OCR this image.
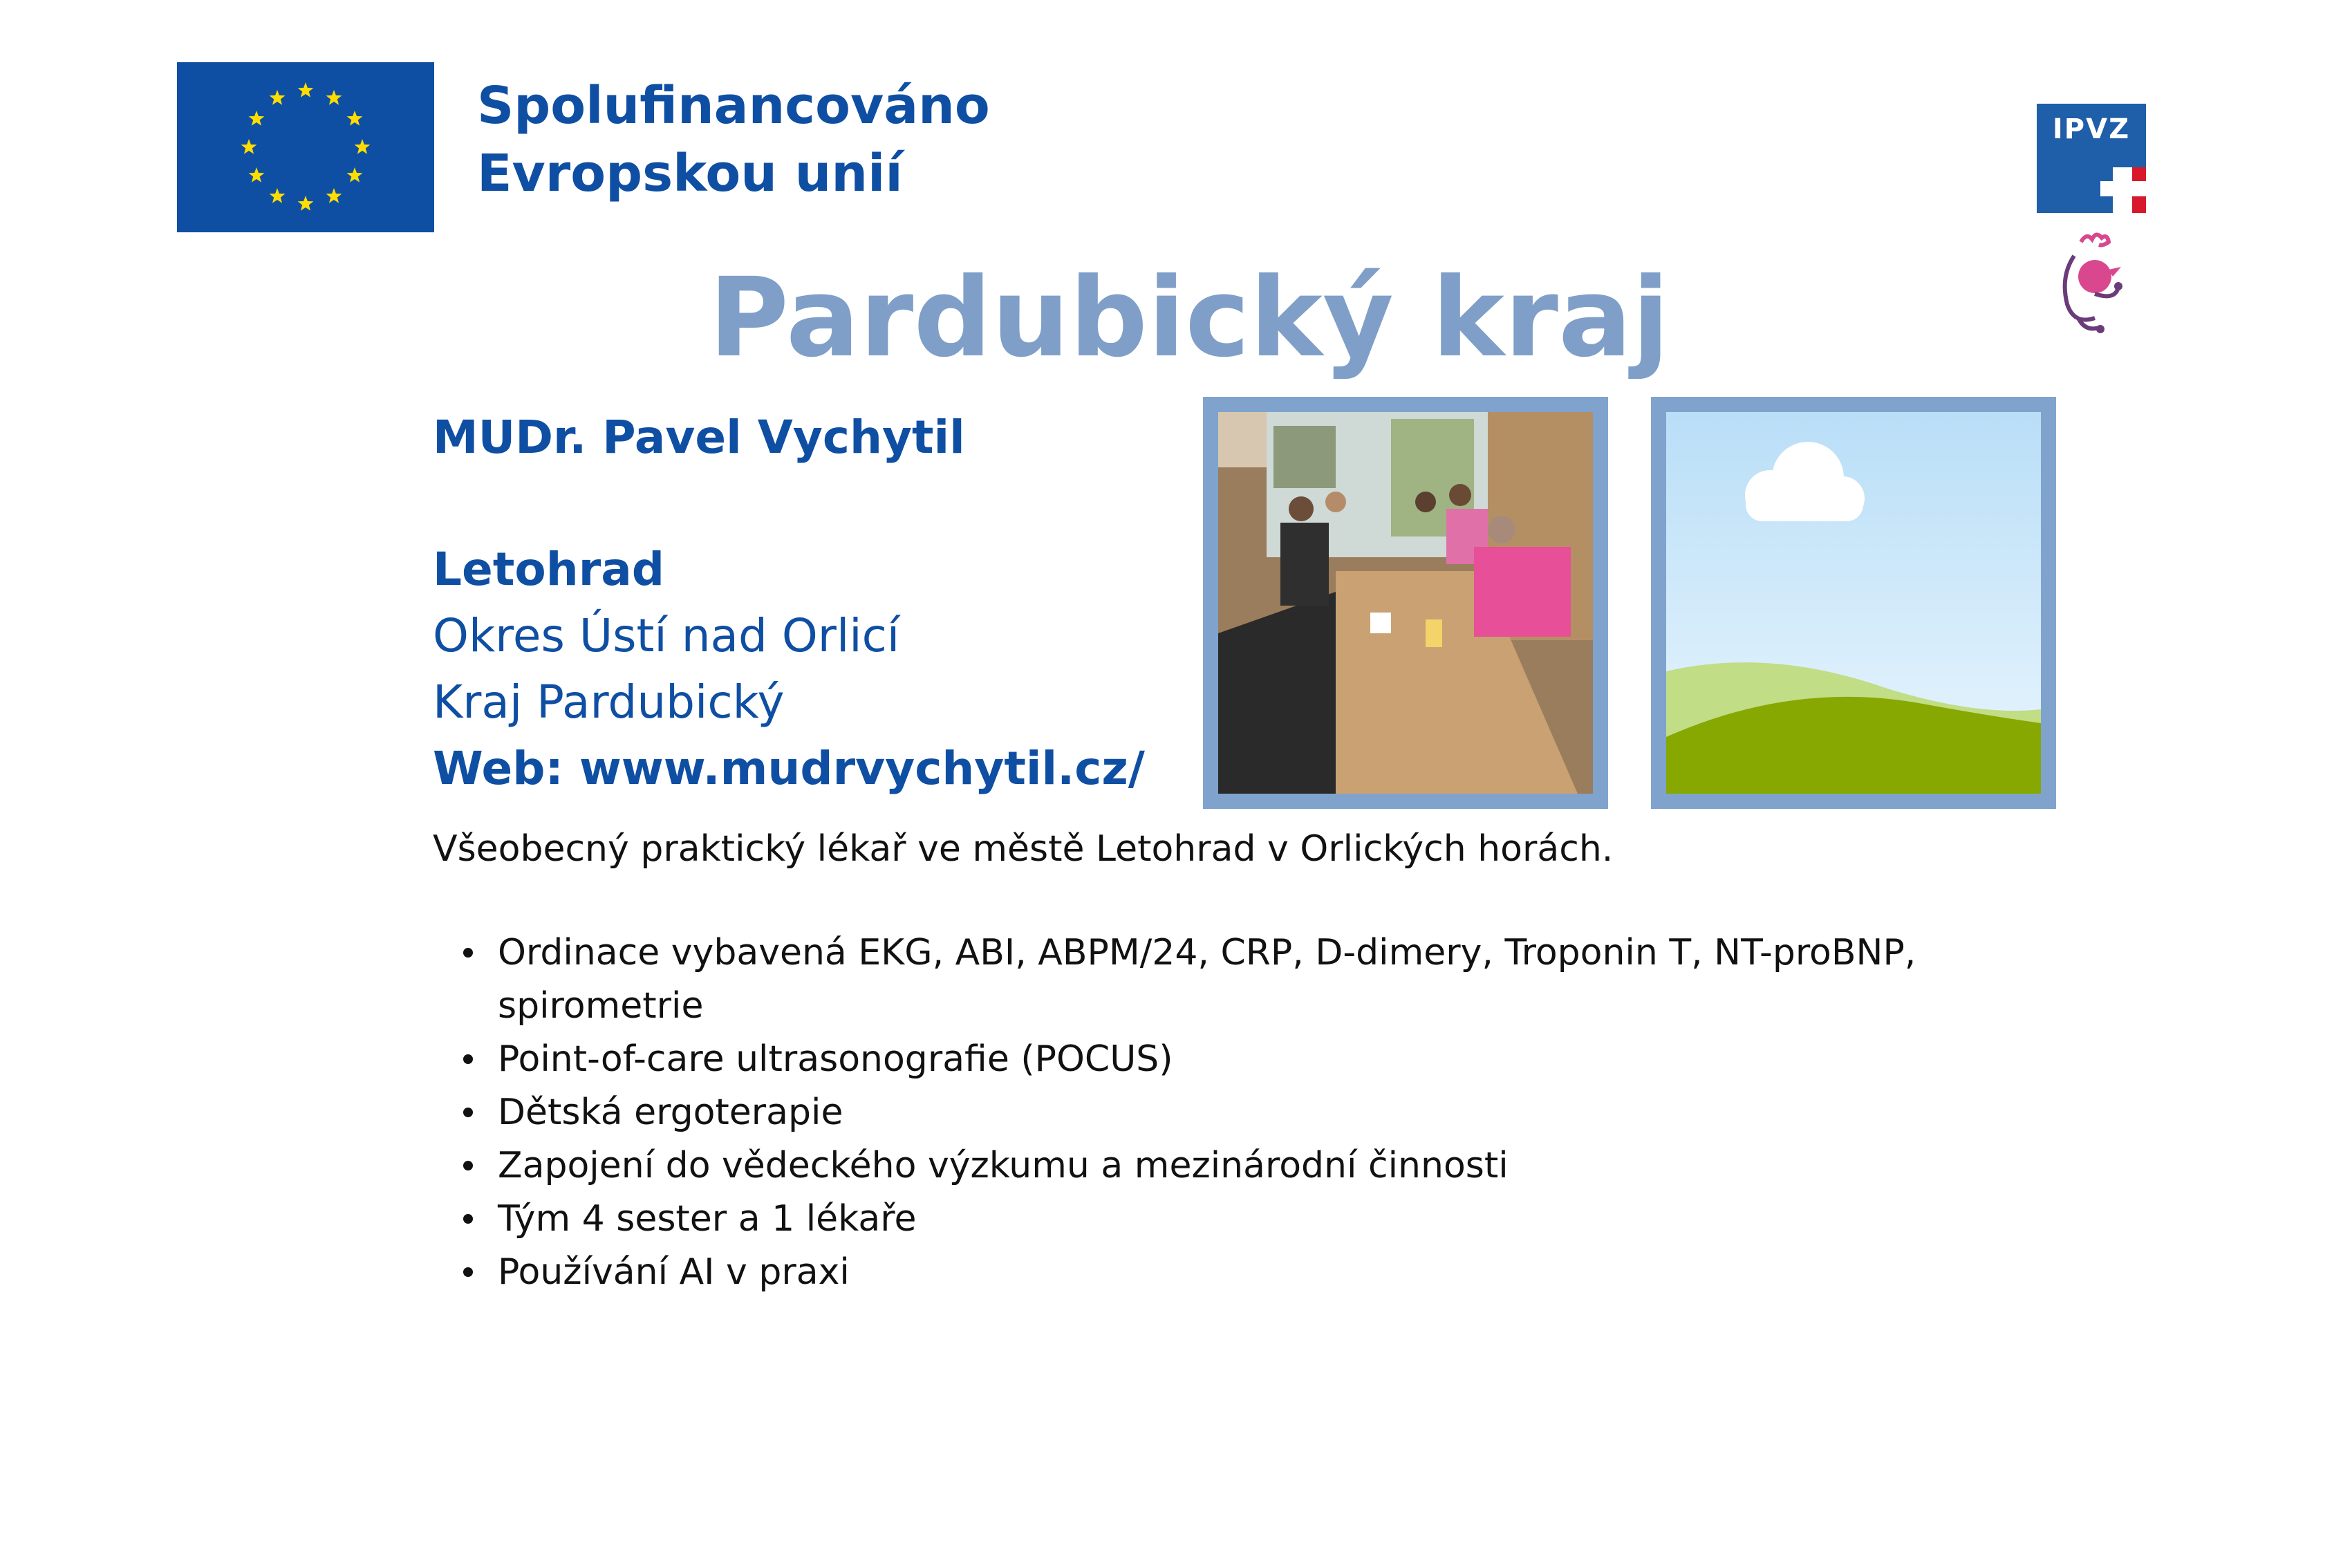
Spolufinancováno
Evropskou unií
IPVZ
Pardubický kraj
MUDr. Pavel Vychytil
Letohrad
Okres Ústí nad Orlicí
Kraj Pardubický
Web: www.mudrvychytil.cz/
Všeobecný praktický lékař ve městě Letohrad v Orlických horách.
Ordinace vybavená EKG, ABI, ABPM/24, CRP, D-dimery, Troponin T, NT-proBNP, spirometrie
Point-of-care ultrasonografie (POCUS)
Dětská ergoterapie
Zapojení do vědeckého výzkumu a mezinárodní činnosti
Tým 4 sester a 1 lékaře
Používání AI v praxi
